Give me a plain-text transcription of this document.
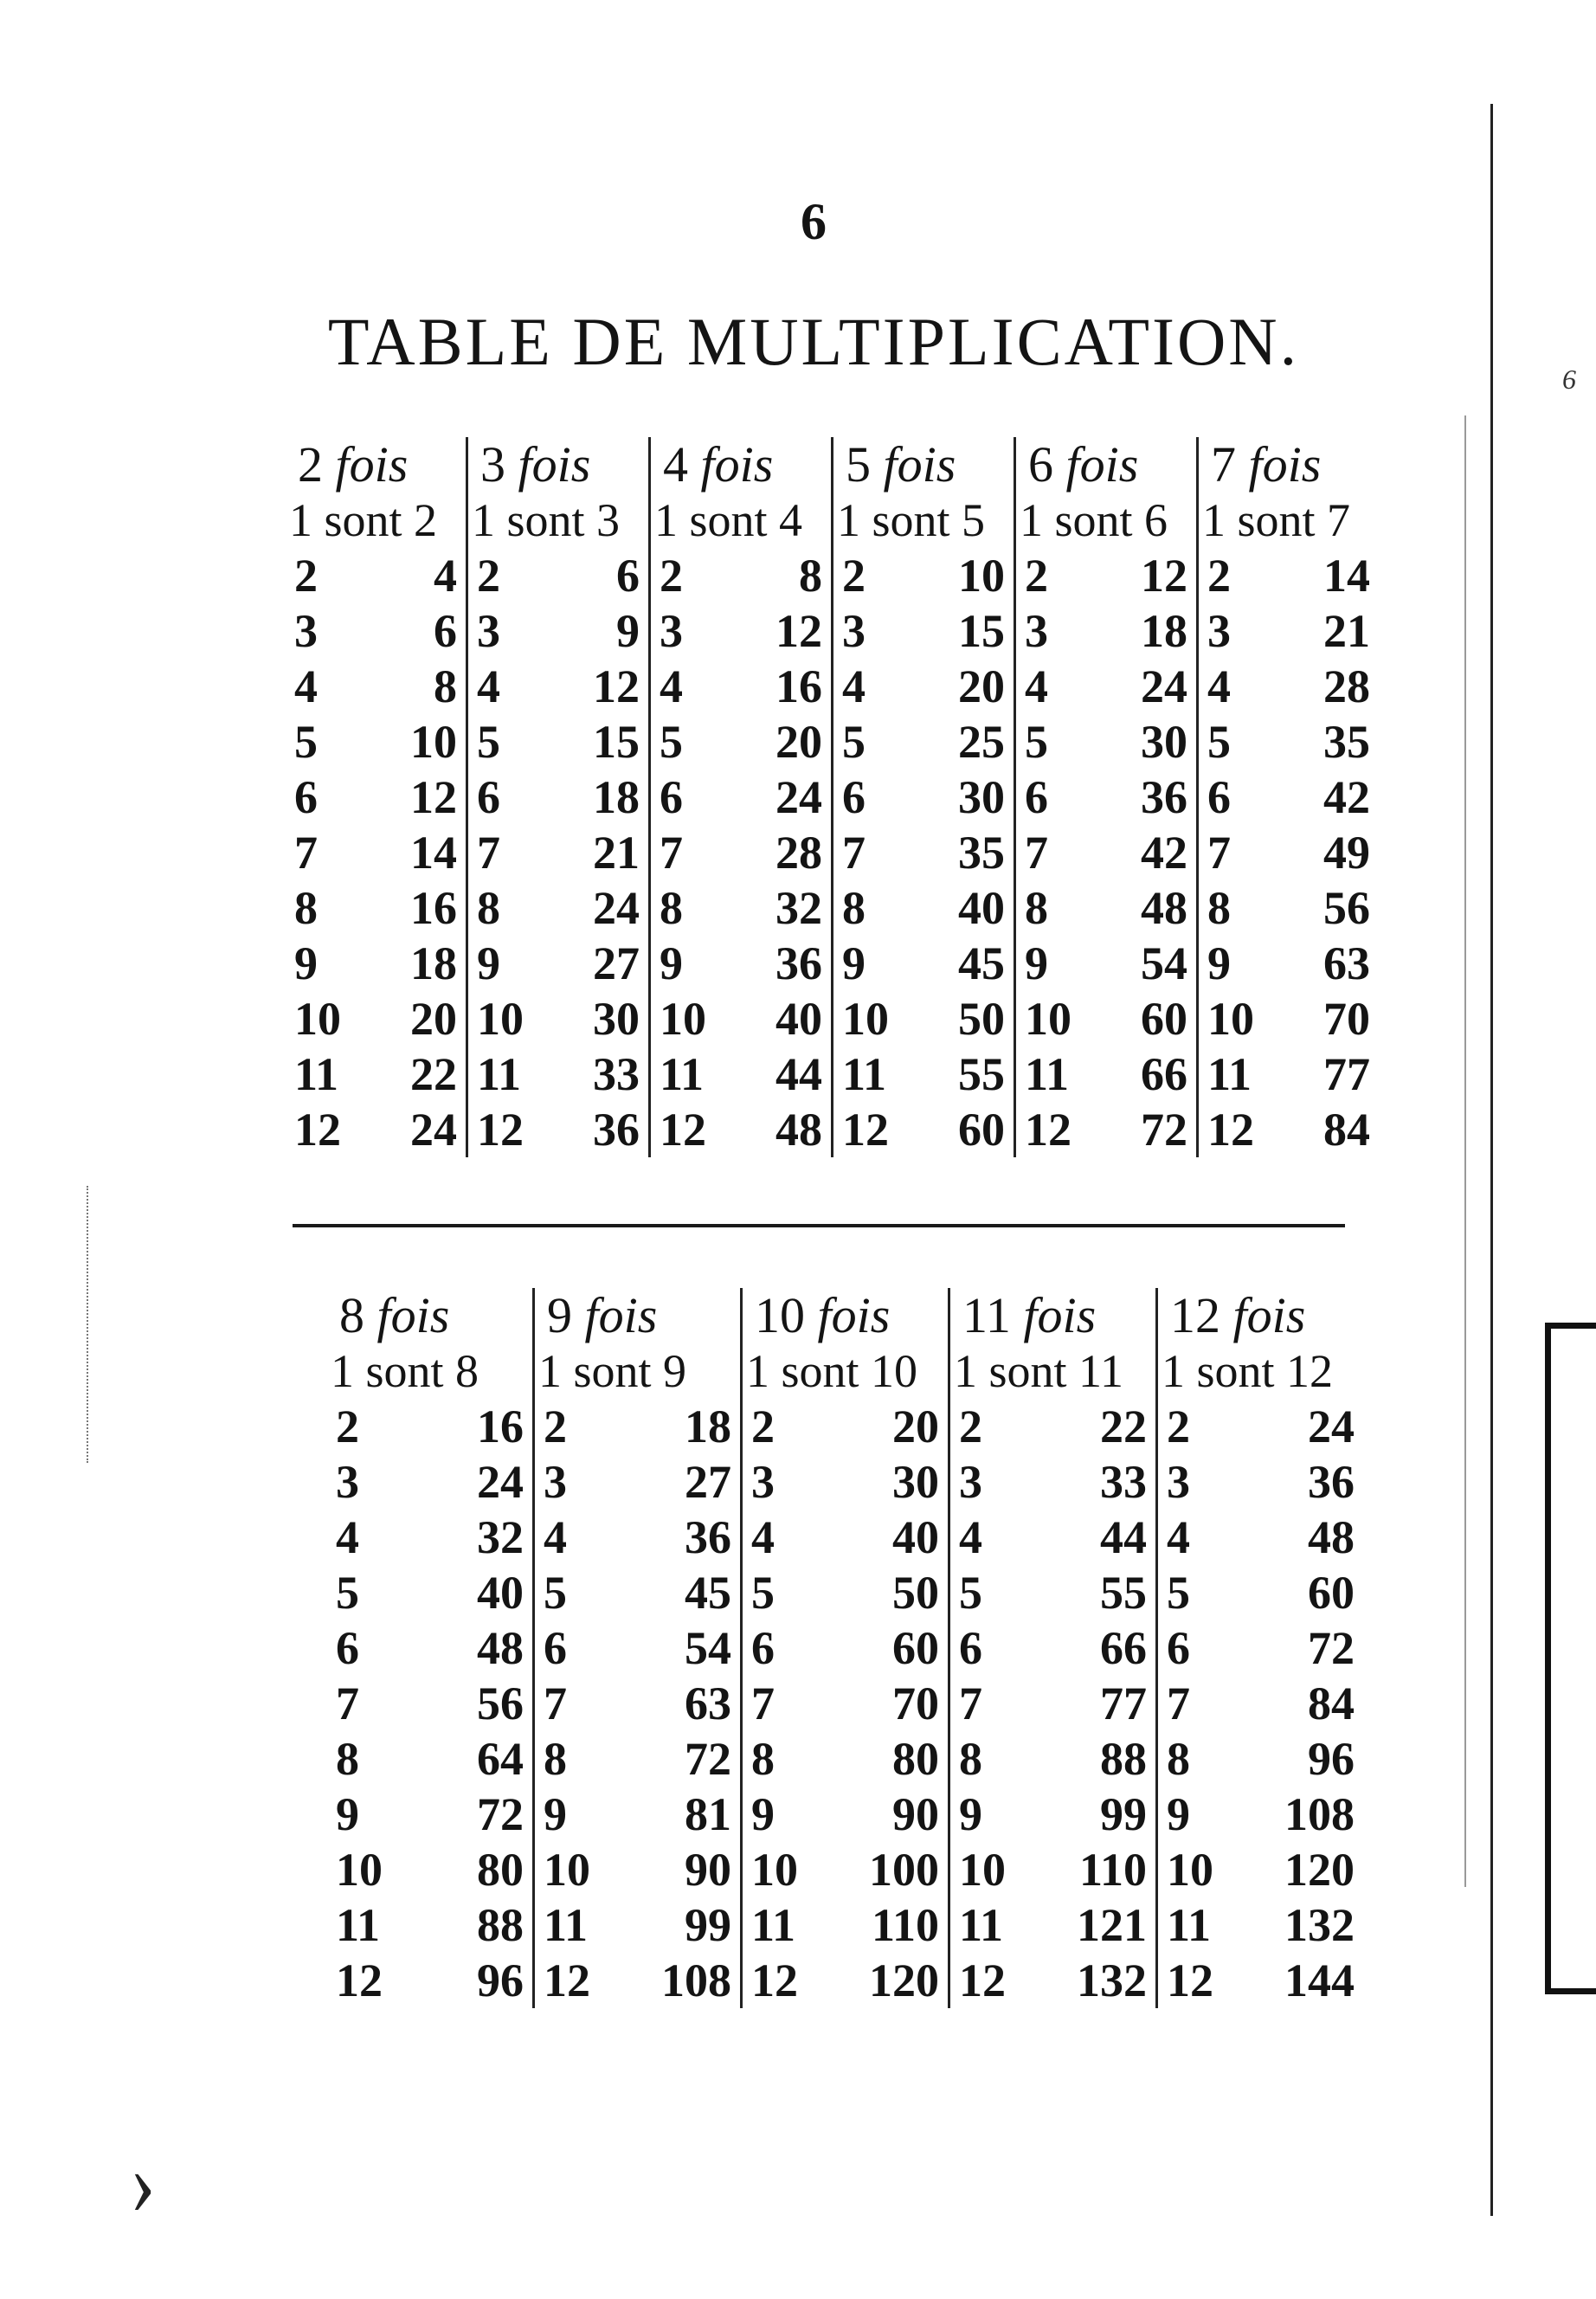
6
TABLE DE MULTIPLICATION.
2 fois
1 sont 2
2 4
3 6
4 8
5 10
6 12
7 14
8 16
9 18
10 20
11 22
12 24
3 fois
1 sont 3
2 6
3 9
4 12
5 15
6 18
7 21
8 24
9 27
10 30
11 33
12 36
4 fois
1 sont 4
2 8
3 12
4 16
5 20
6 24
7 28
8 32
9 36
10 40
11 44
12 48
5 fois
1 sont 5
2 10
3 15
4 20
5 25
6 30
7 35
8 40
9 45
10 50
11 55
12 60
6 fois
1 sont 6
2 12
3 18
4 24
5 30
6 36
7 42
8 48
9 54
10 60
11 66
12 72
7 fois
1 sont 7
2 14
3 21
4 28
5 35
6 42
7 49
8 56
9 63
10 70
11 77
12 84
8 fois
1 sont 8
2	16
3	24
4	32
5	40
6	48
7	56
8	64
9	72
10 80
11 88
12 96
9 fois
1 sont 9
2	18
3	27
4	36
5	45
6	54
7	63
8	72
9	81
10 90
11 99
12 108
10 fois
1 sont 10
2	20
3	30
4	40
5	50
6	60
7	70
8	80
9	90
10 100
11 110
12 120
11 fois
1 sont 11
2	22
3	33
4	44
5	55
6	66
7	77
8	88
9	99
10 110
11 121
12 132
12 fois
1 sont 12
2	24
3	36
4	48
5	60
6	72
7	84
8	96
9 108
10 120
11 132
12 144
6
›
